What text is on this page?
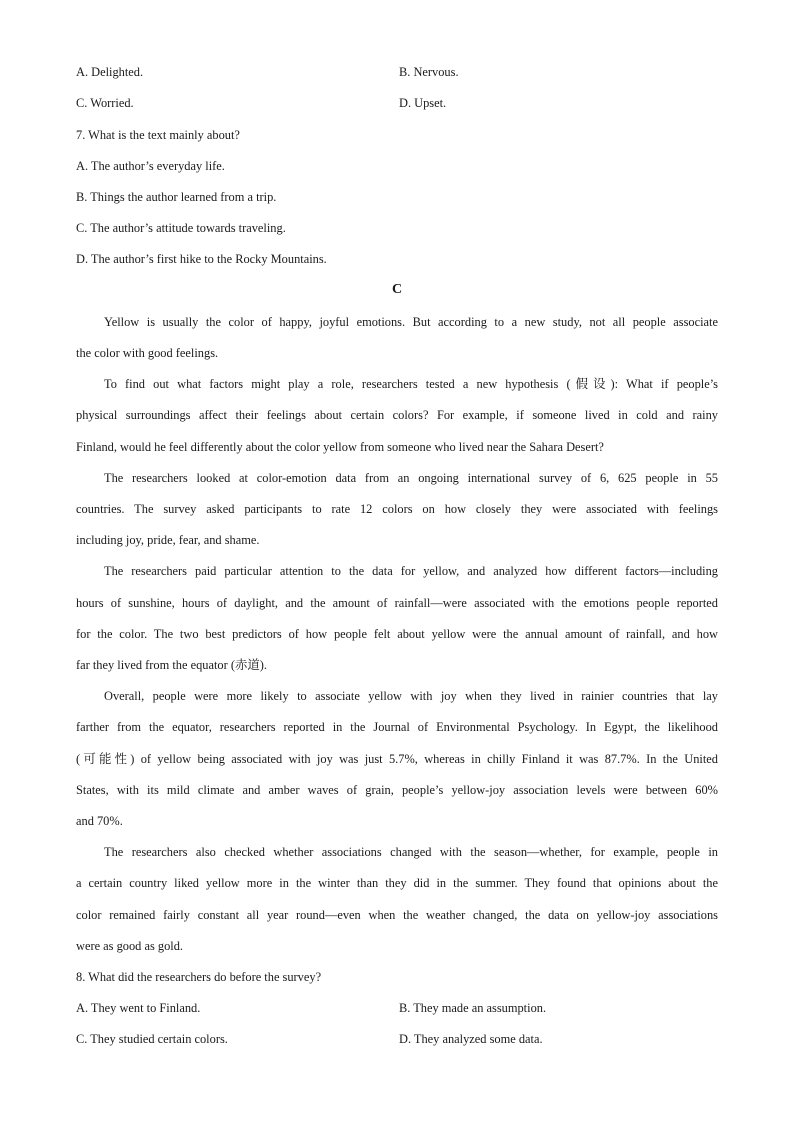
A. Delighted.	B. Nervous.
C. Worried.	D. Upset.
7. What is the text mainly about?
A. The author’s everyday life.
B. Things the author learned from a trip.
C. The author’s attitude towards traveling.
D. The author’s first hike to the Rocky Mountains.
C
Yellow is usually the color of happy, joyful emotions. But according to a new study, not all people associate
the color with good feelings.
To find out what factors might play a role, researchers tested a new hypothesis (假设): What if people’s
physical surroundings affect their feelings about certain colors? For example, if someone lived in cold and rainy
Finland, would he feel differently about the color yellow from someone who lived near the Sahara Desert?
The researchers looked at color-emotion data from an ongoing international survey of 6, 625 people in 55
countries. The survey asked participants to rate 12 colors on how closely they were associated with feelings
including joy, pride, fear, and shame.
The researchers paid particular attention to the data for yellow, and analyzed how different factors—including
hours of sunshine, hours of daylight, and the amount of rainfall—were associated with the emotions people reported
for the color. The two best predictors of how people felt about yellow were the annual amount of rainfall, and how
far they lived from the equator (赤道).
Overall, people were more likely to associate yellow with joy when they lived in rainier countries that lay
farther from the equator, researchers reported in the Journal of Environmental Psychology. In Egypt, the likelihood
(可能性) of yellow being associated with joy was just 5.7%, whereas in chilly Finland it was 87.7%. In the United
States, with its mild climate and amber waves of grain, people’s yellow-joy association levels were between 60%
and 70%.
The researchers also checked whether associations changed with the season—whether, for example, people in
a certain country liked yellow more in the winter than they did in the summer. They found that opinions about the
color remained fairly constant all year round—even when the weather changed, the data on yellow-joy associations
were as good as gold.
8. What did the researchers do before the survey?
A. They went to Finland.	B. They made an assumption.
C. They studied certain colors.	D. They analyzed some data.
